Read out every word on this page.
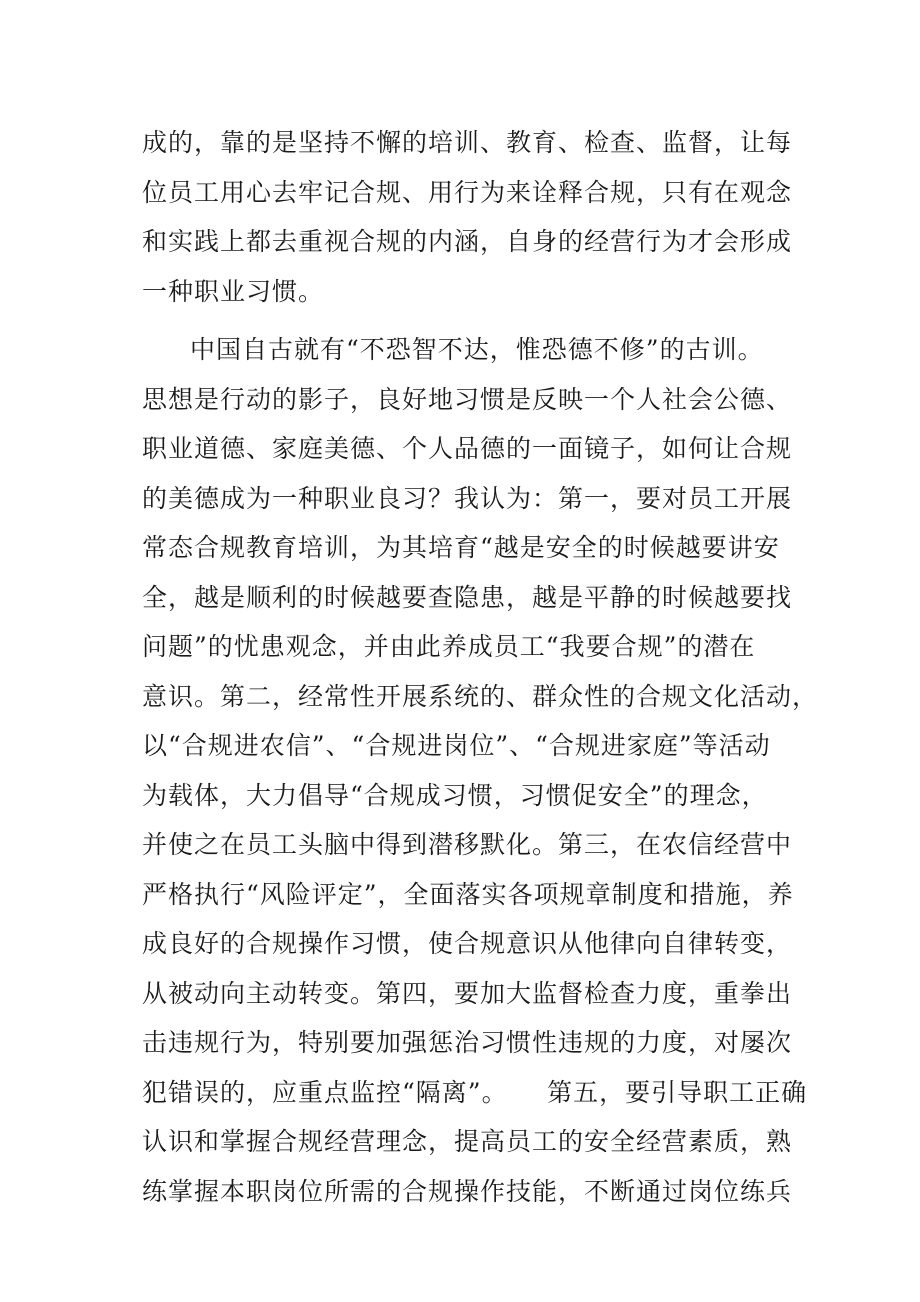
成的，靠的是坚持不懈的培训、教育、检查、监督，让每
位员工用心去牢记合规、用行为来诠释合规，只有在观念
和实践上都去重视合规的内涵，自身的经营行为才会形成
一种职业习惯。
中国自古就有“不恐智不达，惟恐德不修”的古训。
思想是行动的影子，良好地习惯是反映一个人社会公德、
职业道德、家庭美德、个人品德的一面镜子，如何让合规
的美德成为一种职业良习？我认为：第一，要对员工开展
常态合规教育培训，为其培育“越是安全的时候越要讲安
全，越是顺利的时候越要查隐患，越是平静的时候越要找
问题”的忧患观念，并由此养成员工“我要合规”的潜在
意识。第二，经常性开展系统的、群众性的合规文化活动，
以“合规进农信”、“合规进岗位”、“合规进家庭”等活动
为载体，大力倡导“合规成习惯，习惯促安全”的理念，
并使之在员工头脑中得到潜移默化。第三，在农信经营中
严格执行“风险评定”，全面落实各项规章制度和措施，养
成良好的合规操作习惯，使合规意识从他律向自律转变，
从被动向主动转变。第四，要加大监督检查力度，重拳出
击违规行为，特别要加强惩治习惯性违规的力度，对屡次
犯错误的，应重点监控“隔离”。　　第五，要引导职工正确
认识和掌握合规经营理念，提高员工的安全经营素质，熟
练掌握本职岗位所需的合规操作技能，不断通过岗位练兵
